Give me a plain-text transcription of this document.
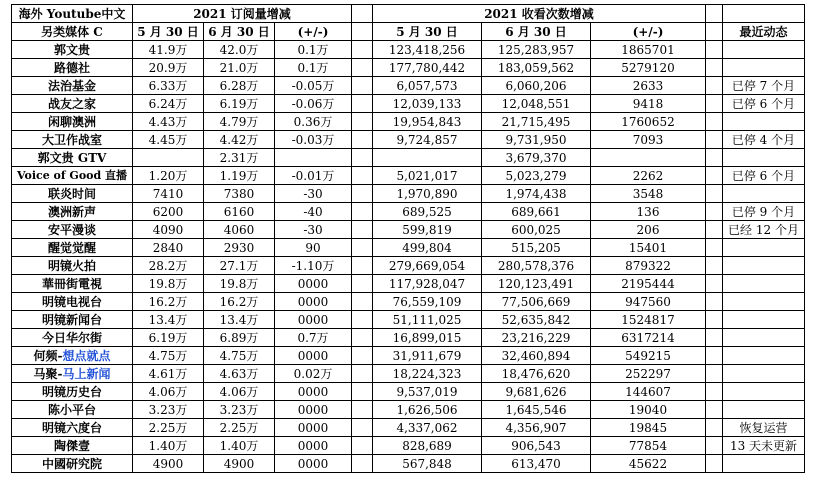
海外 Youtube中文	2021 订阅量增减				2021 收看次数增减				
另类媒体 C	5 月 30 日	6 月 30 日	(+/-)		5 月 30 日	6 月 30 日	(+/-)		最近动态
郭文贵	41.9万	42.0万	0.1万		123,418,256	125,283,957	1865701		
路德社	20.9万	21.0万	0.1万		177,780,442	183,059,562	5279120		
法治基金	6.33万	6.28万	-0.05万		6,057,573	6,060,206	2633		已停 7 个月
战友之家	6.24万	6.19万	-0.06万		12,039,133	12,048,551	9418		已停 6 个月
闲聊澳洲	4.43万	4.79万	0.36万		19,954,843	21,715,495	1760652		
大卫作战室	4.45万	4.42万	-0.03万		9,724,857	9,731,950	7093		已停 4 个月
郭文贵 GTV		2.31万				3,679,370			
Voice of Good 直播	1.20万	1.19万	-0.01万		5,021,017	5,023,279	2262		已停 6 个月
联炎时间	7410	7380	-30		1,970,890	1,974,438	3548		
澳洲新声	6200	6160	-40		689,525	689,661	136		已停 9 个月
安平漫谈	4090	4060	-30		599,819	600,025	206		已经 12 个月
醒觉觉醒	2840	2930	90		499,804	515,205	15401		
明镜火拍	28.2万	27.1万	-1.10万		279,669,054	280,578,376	879322		
華冊街電視	19.8万	19.8万	0000		117,928,047	120,123,491	2195444		
明镜电视台	16.2万	16.2万	0000		76,559,109	77,506,669	947560		
明镜新闻台	13.4万	13.4万	0000		51,111,025	52,635,842	1524817		
今日华尔街	6.19万	6.89万	0.7万		16,899,015	23,216,229	6317214		
何频-想点就点	4.75万	4.75万	0000		31,911,679	32,460,894	549215		
马聚-马上新闻	4.61万	4.63万	0.02万		18,224,323	18,476,620	252297		
明镜历史台	4.06万	4.06万	0000		9,537,019	9,681,626	144607		
陈小平台	3.23万	3.23万	0000		1,626,506	1,645,546	19040		
明镜六度台	2.25万	2.25万	0000		4,337,062	4,356,907	19845		恢复运营
陶傑壹	1.40万	1.40万	0000		828,689	906,543	77854		13 天未更新
中國研究院	4900	4900	0000		567,848	613,470	45622		
